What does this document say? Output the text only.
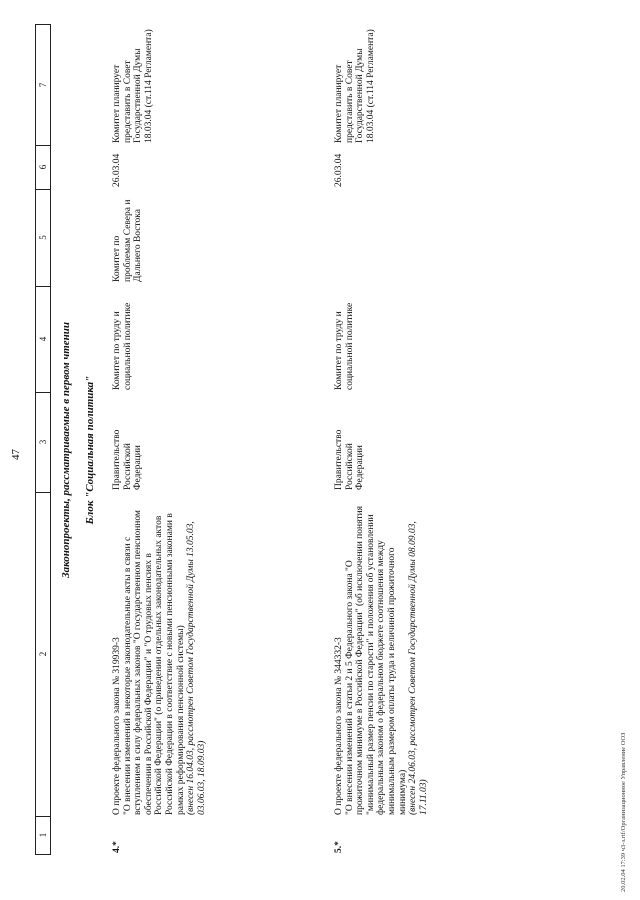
47
1
2
3
4
5
6
7
Законопроекты, рассматриваемые в первом чтении Блок "Социальная политика"
4.*
О проекте федерального закона № 319939-3 "О внесении изменений в некоторые законодательные акты в связи с вступлением в силу федеральных законов "О государственном пенсионном обеспечении в Российской Федерации" и "О трудовых пенсиях в Российской Федерации" (о приведении отдельных законодательных актов Российской Федерации в соответствие с новыми пенсионными законами в рамках реформирования пенсионной системы) (внесен 16.04.03, рассмотрен Советом Государственной Думы 13.05.03, 03.06.03, 18.09.03)
Правительство Российской Федерации
Комитет по труду и социальной политике
Комитет по проблемам Севера и Дальнего Востока
26.03.04
Комитет планирует представить в Совет Государственной Думы 18.03.04 (ст.114 Регламента)
5.*
О проекте федерального закона № 344332-3 "О внесении изменений в статьи 2 и 5 Федерального закона "О прожиточном минимуме в Российской Федерации" (об исключении понятия "минимальный размер пенсии по старости" и положения об установлении федеральным законом о федеральном бюджете соотношения между минимальным размером оплаты труда и величиной прожиточного минимума) (внесен 24.06.03, рассмотрен Советом Государственной Думы 08.09.03, 17.11.03)
Правительство Российской Федерации
Комитет по труду и социальной политике
26.03.04
Комитет планирует представить в Совет Государственной Думы 18.03.04 (ст.114 Регламента)
20.02.04 17:39 ч3-з.rtf/Организационное Управление ООЗ
